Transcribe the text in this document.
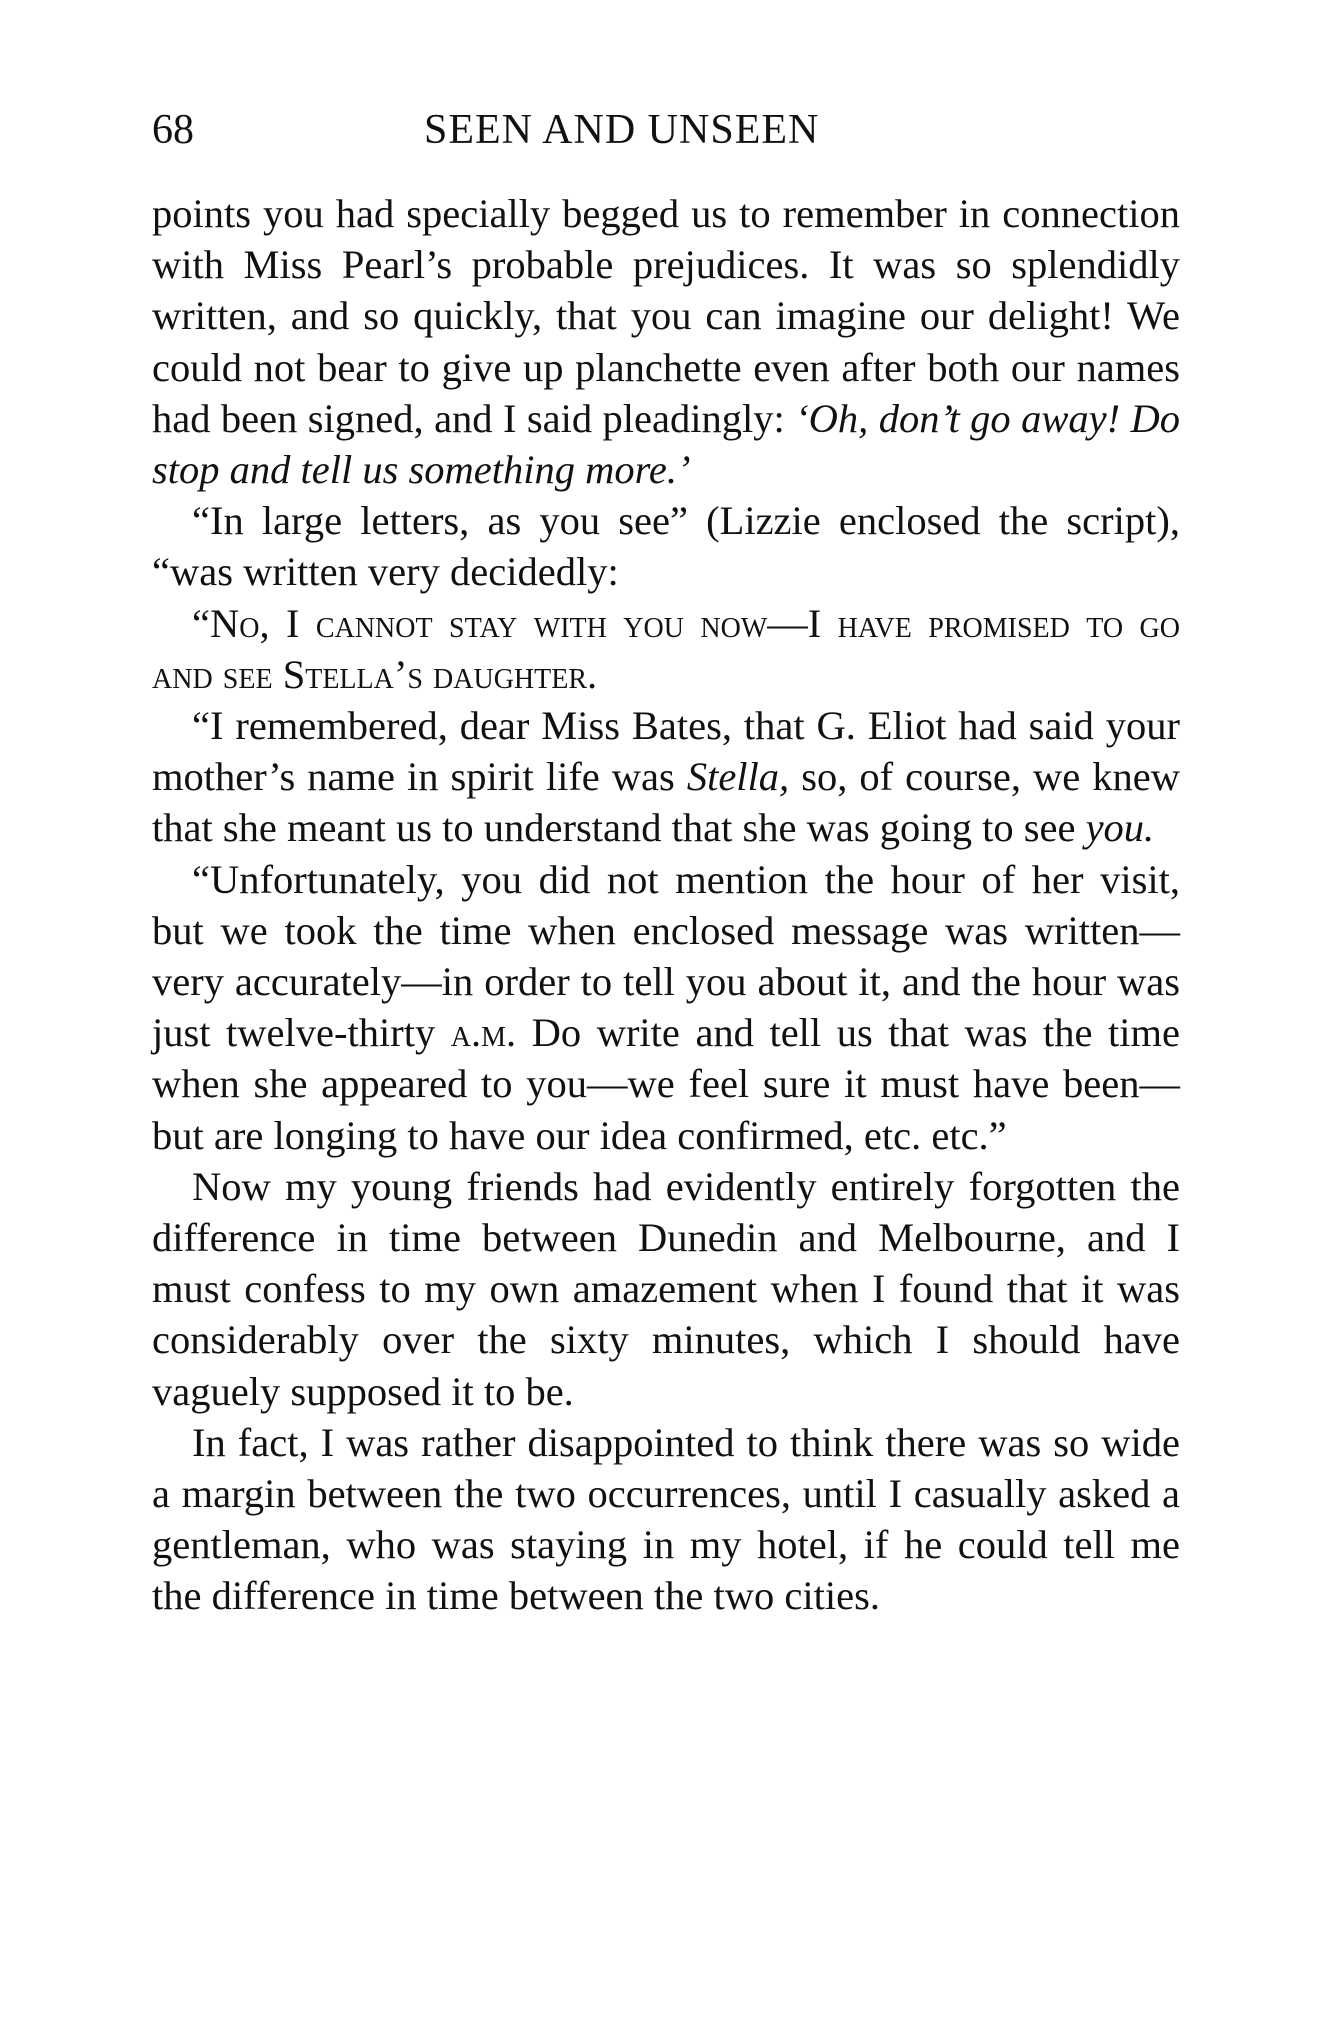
68	SEEN AND UNSEEN

points you had specially begged us to remember in connection with Miss Pearl’s probable prejudices. It was so splendidly written, and so quickly, that you can imagine our delight! We could not bear to give up planchette even after both our names had been signed, and I said pleadingly: ‘Oh, don’t go away! Do stop and tell us something more.’

“In large letters, as you see” (Lizzie enclosed the script), “was written very decidedly:

“No, I cannot stay with you now—I have promised to go and see Stella’s daughter.

“I remembered, dear Miss Bates, that G. Eliot had said your mother’s name in spirit life was Stella, so, of course, we knew that she meant us to understand that she was going to see you.

“Unfortunately, you did not mention the hour of her visit, but we took the time when enclosed message was written—very accurately—in order to tell you about it, and the hour was just twelve-thirty a.m. Do write and tell us that was the time when she appeared to you—we feel sure it must have been—but are longing to have our idea confirmed, etc. etc.”

Now my young friends had evidently entirely forgotten the difference in time between Dunedin and Melbourne, and I must confess to my own amazement when I found that it was considerably over the sixty minutes, which I should have vaguely supposed it to be.

In fact, I was rather disappointed to think there was so wide a margin between the two occurrences, until I casually asked a gentleman, who was staying in my hotel, if he could tell me the difference in time between the two cities.
